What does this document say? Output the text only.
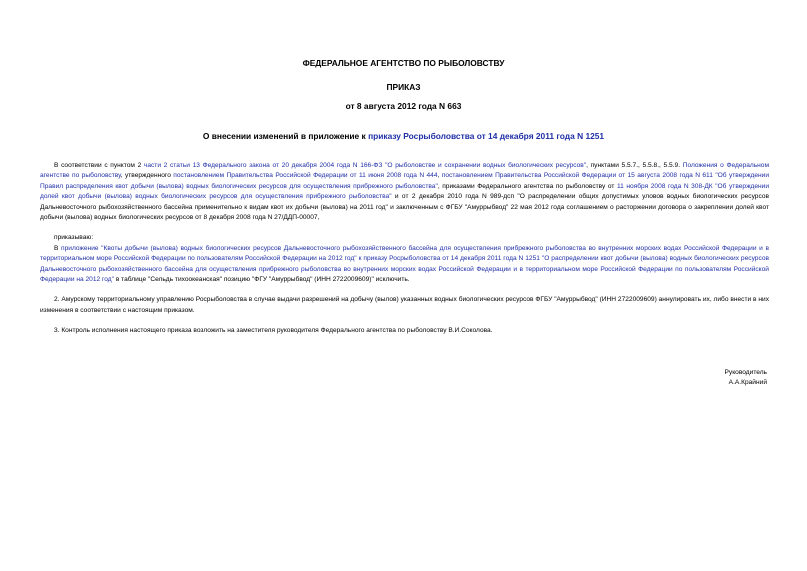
ФЕДЕРАЛЬНОЕ АГЕНТСТВО ПО РЫБОЛОВСТВУ
ПРИКАЗ
от 8 августа 2012 года N 663
О внесении изменений в приложение к приказу Росрыболовства от 14 декабря 2011 года N 1251

В соответствии с пунктом 2 части 2 статьи 13 Федерального закона от 20 декабря 2004 года N 166-ФЗ "О рыболовстве и сохранении водных биологических ресурсов", пунктами 5.5.7., 5.5.8., 5.5.9. Положения о Федеральном агентстве по рыболовству, утвержденного постановлением Правительства Российской Федерации от 11 июня 2008 года N 444, постановлением Правительства Российской Федерации от 15 августа 2008 года N 611 "Об утверждении Правил распределения квот добычи (вылова) водных биологических ресурсов для осуществления прибрежного рыболовства", приказами Федерального агентства по рыболовству от 11 ноября 2008 года N 308-ДК "Об утверждении долей квот добычи (вылова) водных биологических ресурсов для осуществления прибрежного рыболовства" и от 2 декабря 2010 года N 989-дсп "О распределении общих допустимых уловов водных биологических ресурсов Дальневосточного рыбохозяйственного бассейна применительно к видам квот их добычи (вылова) на 2011 год" и заключенным с ФГБУ "Амуррыбвод" 22 мая 2012 года соглашением о расторжении договора о закреплении долей квот добычи (вылова) водных биологических ресурсов от 8 декабря 2008 года N 27/ДДП-00007,

приказываю:

В приложение "Квоты добычи (вылова) водных биологических ресурсов Дальневосточного рыбохозяйственного бассейна для осуществления прибрежного рыболовства во внутренних морских водах Российской Федерации и в территориальном море Российской Федерации по пользователям Российской Федерации на 2012 год" к приказу Росрыболовства от 14 декабря 2011 года N 1251 "О распределении квот добычи (вылова) водных биологических ресурсов Дальневосточного рыбохозяйственного бассейна для осуществления прибрежного рыболовства во внутренних морских водах Российской Федерации и в территориальном море Российской Федерации по пользователям Российской Федерации на 2012 год" в таблице "Сельдь тихоокеанская" позицию "ФГУ "Амуррыбвод" (ИНН 2722009609)" исключить.

2. Амурскому территориальному управлению Росрыболовства в случае выдачи разрешений на добычу (вылов) указанных водных биологических ресурсов ФГБУ "Амуррыбвод" (ИНН 2722009609) аннулировать их, либо внести в них изменения в соответствии с настоящим приказом.

3. Контроль исполнения настоящего приказа возложить на заместителя руководителя Федерального агентства по рыболовству В.И.Соколова.

Руководитель
А.А.Крайний
